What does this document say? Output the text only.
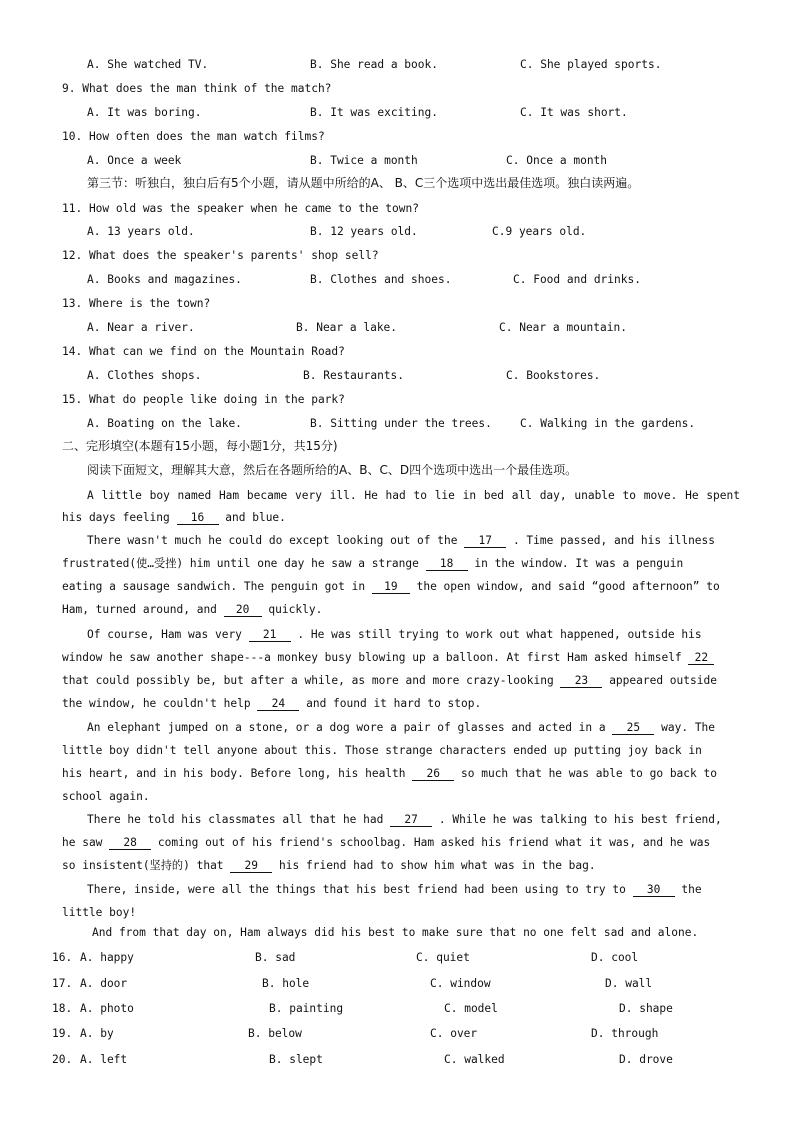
A. She watched TV.	B. She read a book.	C. She played sports.
9. What does the man think of the match?
A. It was boring.	B. It was exciting.	C. It was short.
10. How often does the man watch films?
A. Once a week	B. Twice a month	C. Once a month
第三节：听独白，独白后有5个小题，请从题中所给的A、 B、C三个选项中选出最佳选项。独白读两遍。
11. How old was the speaker when he came to the town?
A. 13 years old.	B. 12 years old.	C.9 years old.
12. What does the speaker's parents' shop sell?
A. Books and magazines.	B. Clothes and shoes.	C. Food and drinks.
13. Where is the town?
A. Near a river.	B. Near a lake.	C. Near a mountain.
14. What can we find on the Mountain Road?
A. Clothes shops.	B. Restaurants.	C. Bookstores.
15. What do people like doing in the park?
A. Boating on the lake.	B. Sitting under the trees.	C. Walking in the gardens.
二、完形填空(本题有15小题，每小题1分，共15分)
阅读下面短文，理解其大意，然后在各题所给的A、B、C、D四个选项中选出一个最佳选项。
A little boy named Ham became very ill. He had to lie in bed all day, unable to move. He spent
his days feeling 16 and blue.
There wasn't much he could do except looking out of the 17 . Time passed, and his illness
frustrated(使…受挫) him until one day he saw a strange 18 in the window. It was a penguin
eating a sausage sandwich. The penguin got in 19 the open window, and said “good afternoon” to
Ham, turned around, and 20 quickly.
Of course, Ham was very 21 . He was still trying to work out what happened, outside his
window he saw another shape---a monkey busy blowing up a balloon. At first Ham asked himself 22
that could possibly be, but after a while, as more and more crazy-looking 23 appeared outside
the window, he couldn't help 24 and found it hard to stop.
An elephant jumped on a stone, or a dog wore a pair of glasses and acted in a 25 way. The
little boy didn't tell anyone about this. Those strange characters ended up putting joy back in
his heart, and in his body. Before long, his health 26 so much that he was able to go back to
school again.
There he told his classmates all that he had 27 . While he was talking to his best friend,
he saw 28 coming out of his friend's schoolbag. Ham asked his friend what it was, and he was
so insistent(坚持的) that 29 his friend had to show him what was in the bag.
There, inside, were all the things that his best friend had been using to try to 30 the
little boy!
And from that day on, Ham always did his best to make sure that no one felt sad and alone.
16. A. happy	B. sad	C. quiet	D. cool
17. A. door	B. hole	C. window	D. wall
18. A. photo	B. painting	C. model	D. shape
19. A. by	B. below	C. over	D. through
20. A. left	B. slept	C. walked	D. drove
